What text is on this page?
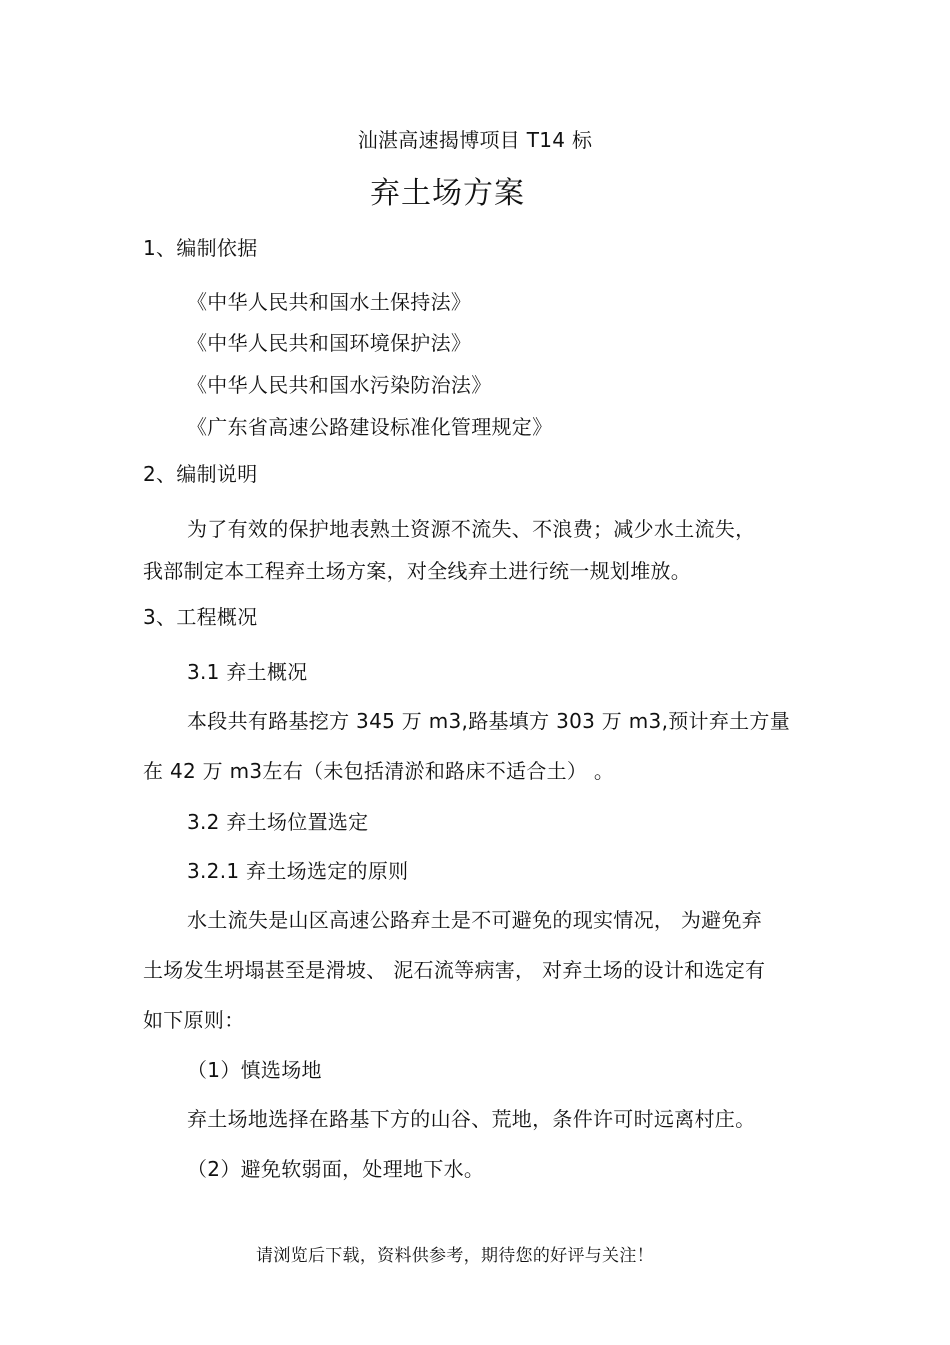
汕湛高速揭博项目 T14 标
弃土场方案
1、编制依据
《中华人民共和国水土保持法》
《中华人民共和国环境保护法》
《中华人民共和国水污染防治法》
《广东省高速公路建设标准化管理规定》
2、编制说明
为了有效的保护地表熟土资源不流失、不浪费；减少水土流失，
我部制定本工程弃土场方案，对全线弃土进行统一规划堆放。
3、工程概况
3.1 弃土概况
本段共有路基挖方 345 万 m3,路基填方 303 万 m3,预计弃土方量
在 42 万 m3左右（未包括清淤和路床不适合土） 。
3.2 弃土场位置选定
3.2.1 弃土场选定的原则
水土流失是山区高速公路弃土是不可避免的现实情况， 为避免弃
土场发生坍塌甚至是滑坡、 泥石流等病害， 对弃土场的设计和选定有
如下原则：
（1）慎选场地
弃土场地选择在路基下方的山谷、荒地，条件许可时远离村庄。
（2）避免软弱面，处理地下水。
请浏览后下载，资料供参考，期待您的好评与关注！
